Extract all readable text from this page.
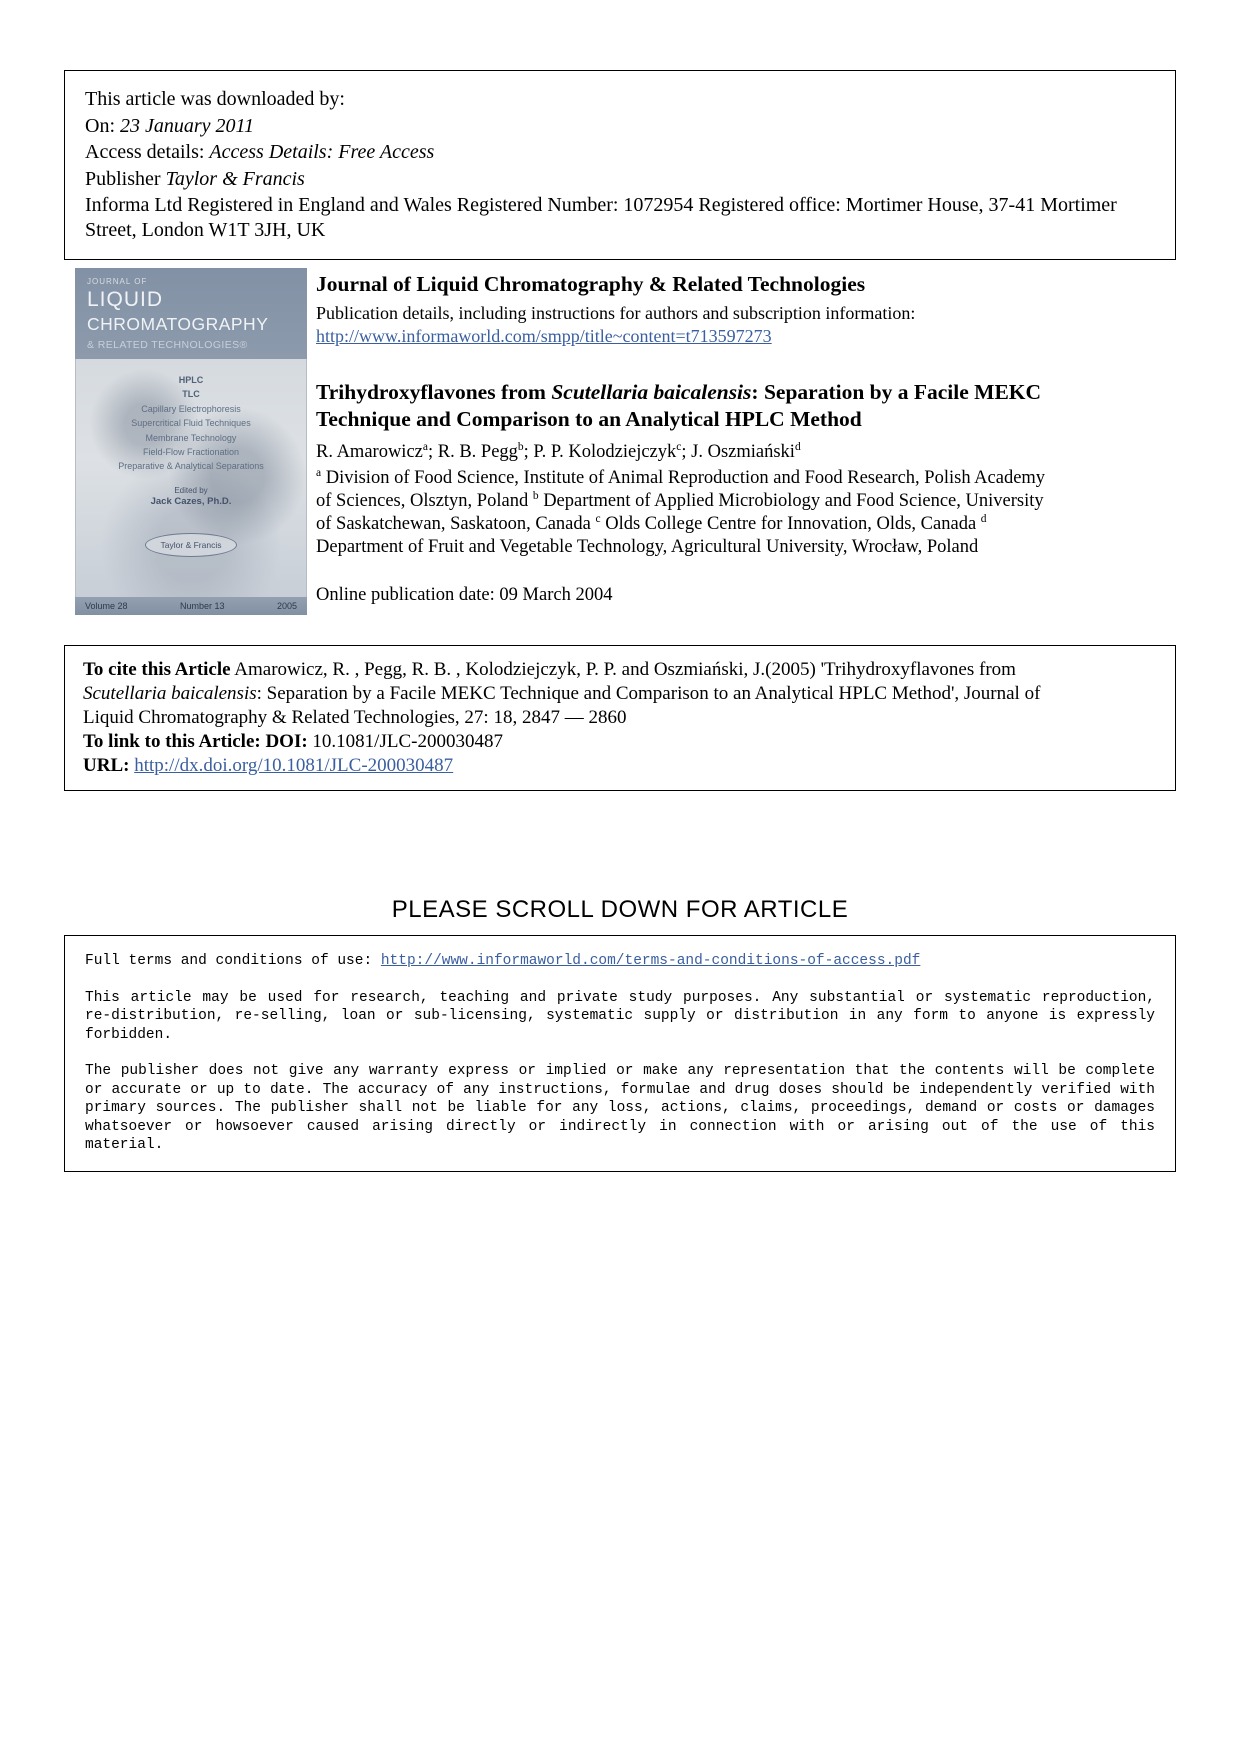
This article was downloaded by:

On: 23 January 2011

Access details: Access Details: Free Access

Publisher Taylor & Francis

Informa Ltd Registered in England and Wales Registered Number: 1072954 Registered office: Mortimer House, 37-41 Mortimer Street, London W1T 3JH, UK

JOURNAL OF
LIQUID
CHROMATOGRAPHY
& RELATED TECHNOLOGIES®
HPLC
TLC
Capillary Electrophoresis
Supercritical Fluid Techniques
Membrane Technology
Field-Flow Fractionation
Preparative & Analytical Separations
Edited by
Jack Cazes, Ph.D.
Taylor & Francis
Volume 28	Number 13	2005

Journal of Liquid Chromatography & Related Technologies

Publication details, including instructions for authors and subscription information:

http://www.informaworld.com/smpp/title~content=t713597273

Trihydroxyflavones from Scutellaria baicalensis: Separation by a Facile MEKC Technique and Comparison to an Analytical HPLC Method

R. Amarowicz$^a$; R. B. Pegg$^b$; P. P. Kolodziejczyk$^c$; J. Oszmiański$^d$

$^a$ Division of Food Science, Institute of Animal Reproduction and Food Research, Polish Academy of Sciences, Olsztyn, Poland $^b$ Department of Applied Microbiology and Food Science, University of Saskatchewan, Saskatoon, Canada $^c$ Olds College Centre for Innovation, Olds, Canada $^d$ Department of Fruit and Vegetable Technology, Agricultural University, Wrocław, Poland

Online publication date: 09 March 2004

To cite this Article Amarowicz, R. , Pegg, R. B. , Kolodziejczyk, P. P. and Oszmiański, J.(2005) 'Trihydroxyflavones from Scutellaria baicalensis: Separation by a Facile MEKC Technique and Comparison to an Analytical HPLC Method', Journal of Liquid Chromatography & Related Technologies, 27: 18, 2847 — 2860

To link to this Article: DOI: 10.1081/JLC-200030487

URL: http://dx.doi.org/10.1081/JLC-200030487

PLEASE SCROLL DOWN FOR ARTICLE

Full terms and conditions of use: http://www.informaworld.com/terms-and-conditions-of-access.pdf

This article may be used for research, teaching and private study purposes. Any substantial or systematic reproduction, re-distribution, re-selling, loan or sub-licensing, systematic supply or distribution in any form to anyone is expressly forbidden.

The publisher does not give any warranty express or implied or make any representation that the contents will be complete or accurate or up to date. The accuracy of any instructions, formulae and drug doses should be independently verified with primary sources. The publisher shall not be liable for any loss, actions, claims, proceedings, demand or costs or damages whatsoever or howsoever caused arising directly or indirectly in connection with or arising out of the use of this material.
